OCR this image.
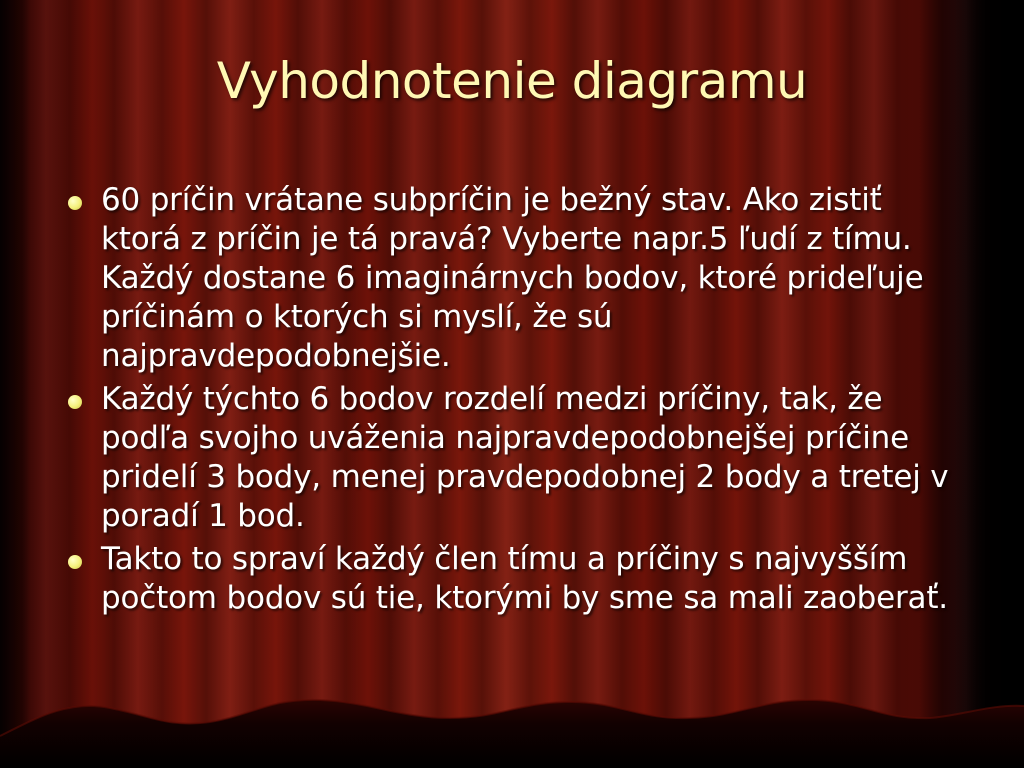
Vyhodnotenie diagramu
60 príčin vrátane subpríčin je bežný stav. Ako zistiť ktorá z príčin je tá pravá? Vyberte napr.5 ľudí z tímu. Každý dostane 6 imaginárnych bodov, ktoré prideľuje príčinám o ktorých si myslí, že sú najpravdepodobnejšie.
Každý týchto 6 bodov rozdelí medzi príčiny, tak, že podľa svojho uváženia najpravdepodobnejšej príčine pridelí 3 body, menej pravdepodobnej 2 body a tretej v poradí 1 bod.
Takto to spraví každý člen tímu a príčiny s najvyšším počtom bodov sú tie, ktorými by sme sa mali zaoberať.
